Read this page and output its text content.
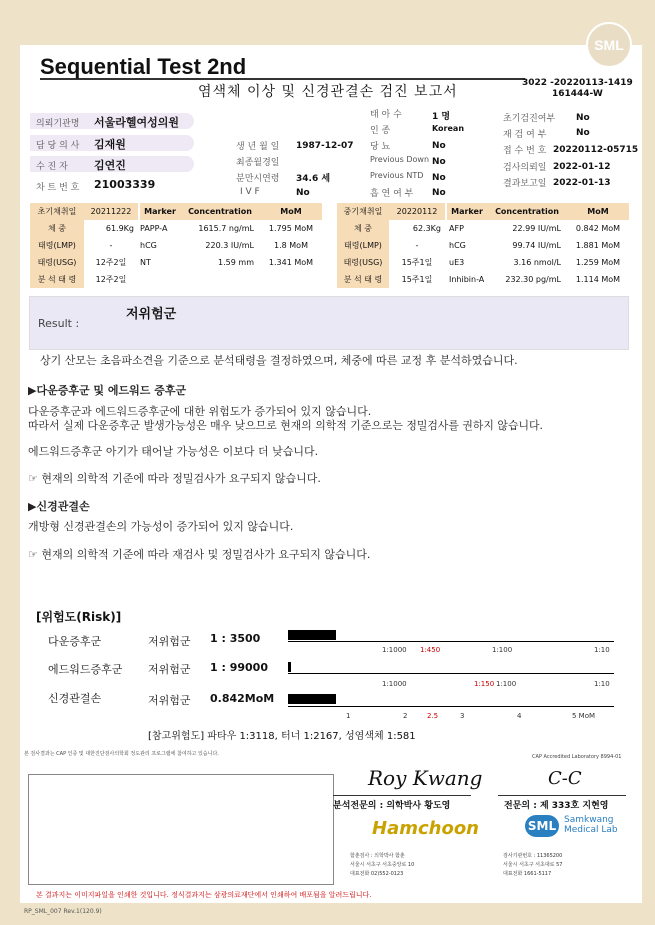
SML
Sequential Test 2nd
염색체 이상 및 신경관결손 검진 보고서
3022 -20220113-1419
161444-W
의뢰기관명 서울라헬여성의원
담 당 의 사 김재원
수 진 자 김연진
차 트 번 호 21003339
생 년 월 일 1987-12-07
최종월경일
분만시연령 34.6 세
I V F	No
태 아 수	1 명
인 종	Korean
당 뇨	No
Previous Down No
Previous NTD No
흡 연 여 부 No
초기검진여부 No
재 검 여 부	No
접 수 번 호 20220112-05715
검사의뢰일 2022-01-12
결과보고일 2022-01-13
초기채취일	20211222	Marker	Concentration	MoM
체 중	61.9Kg PAPP-A	1615.7 ng/mL	1.795 MoM
태령(LMP)	-	hCG	220.3 IU/mL	1.8 MoM
태령(USG)	12주2일	NT	1.59 mm	1.341 MoM
분 석 태 령	12주2일
중기채취일	20220112	Marker	Concentration	MoM
체 중	62.3Kg	AFP	22.99 IU/mL	0.842 MoM
태령(LMP)	-	hCG	99.74 IU/mL	1.881 MoM
태령(USG)	15주1일	uE3	3.16 nmol/L	1.259 MoM
분 석 태 령	15주1일	Inhibin-A	232.30 pg/mL	1.114 MoM
Result :
저위험군
상기 산모는 초음파소견을 기준으로 분석태령을 결정하였으며, 체중에 따른 교정 후 분석하였습니다.
▶다운증후군 및 에드워드 증후군
다운증후군과 에드워드증후군에 대한 위험도가 증가되어 있지 않습니다.
따라서 실제 다운증후군 발생가능성은 매우 낮으므로 현재의 의학적 기준으로는 정밀검사를 권하지 않습니다.
에드워드증후군 아기가 태어날 가능성은 이보다 더 낮습니다.
☞ 현재의 의학적 기준에 따라 정밀검사가 요구되지 않습니다.
▶신경관결손
개방형 신경관결손의 가능성이 증가되어 있지 않습니다.
☞ 현재의 의학적 기준에 따라 재검사 및 정밀검사가 요구되지 않습니다.
[위험도(Risk)]
다운증후군	저위험군 1 : 3500
1:1000 1:450	1:100	1:10
에드워드증후군 저위험군 1 : 99000
1:1000	1:150 1:100	1:10
신경관결손	저위험군 0.842MoM
1	2	2.5	3	4	5 MoM
[참고위험도] 파타우 1:3118, 터너 1:2167, 성염색체 1:581
본 검사결과는 CAP 인증 및 대한진단검사의학회 정도관리 프로그램에 참여하고 있습니다.	CAP Accredited Laboratory 8994-01
Roy Kwang
분석전문의 : 의학박사 황도영
C-C
전문의 : 제 333호 지현영
Hamchoon	SML Samkwang Medical Lab
함춘검사 : 의학박사 함춘
서울시 서초구 서초중앙로 10
대표전화 02)552-0123
검사기관번호 : 11365200
서울시 서초구 서초대로 57
대표전화 1661-5117
본 결과지는 이미지파일을 인쇄한 것입니다. 정식결과지는 삼광의료재단에서 인쇄하여 배포됨을 알려드립니다.
RP_SML_007 Rev.1(120.9)
